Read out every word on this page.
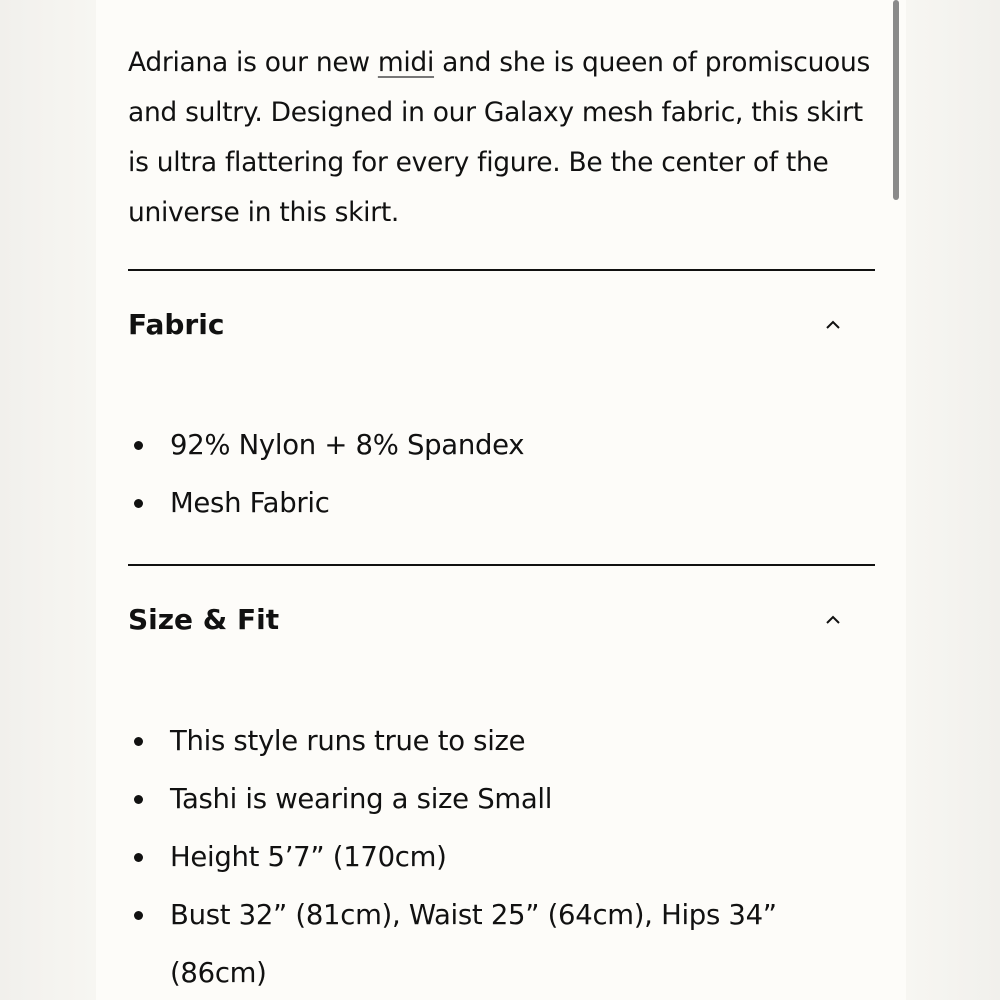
Adriana is our new midi and she is queen of promiscuous and sultry. Designed in our Galaxy mesh fabric, this skirt is ultra flattering for every figure. Be the center of the universe in this skirt.

Fabric
92% Nylon + 8% Spandex
Mesh Fabric
Size & Fit
This style runs true to size
Tashi is wearing a size Small
Height 5’7” (170cm)
Bust 32” (81cm), Waist 25” (64cm), Hips 34” (86cm)
